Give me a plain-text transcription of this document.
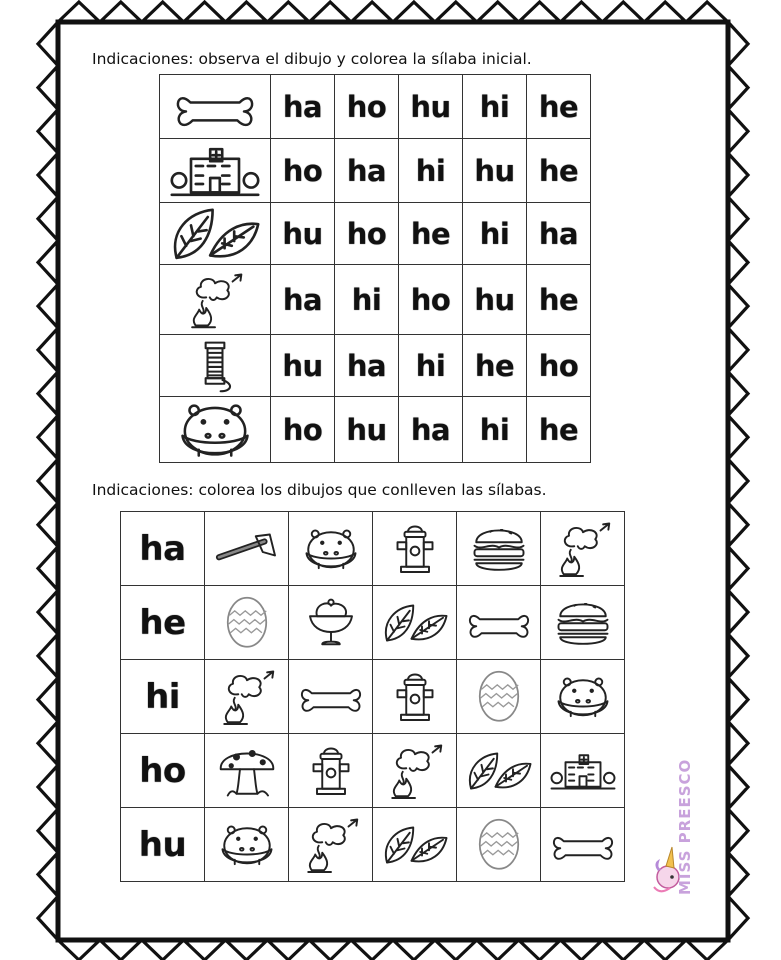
Indicaciones: observa el dibujo y colorea la sílaba inicial.
	ha	ho	hu	hi	he

	ho	ha	hi	hu	he

	hu	ho	he	hi	ha

	ha	hi	ho	hu	he

	hu	ha	hi	he	ho

	ho	hu	ha	hi	he
Indicaciones: colorea los dibujos que conlleven las sílabas.
ha	

he	

hi	

ho	

hu	

		MISS PREESCO
